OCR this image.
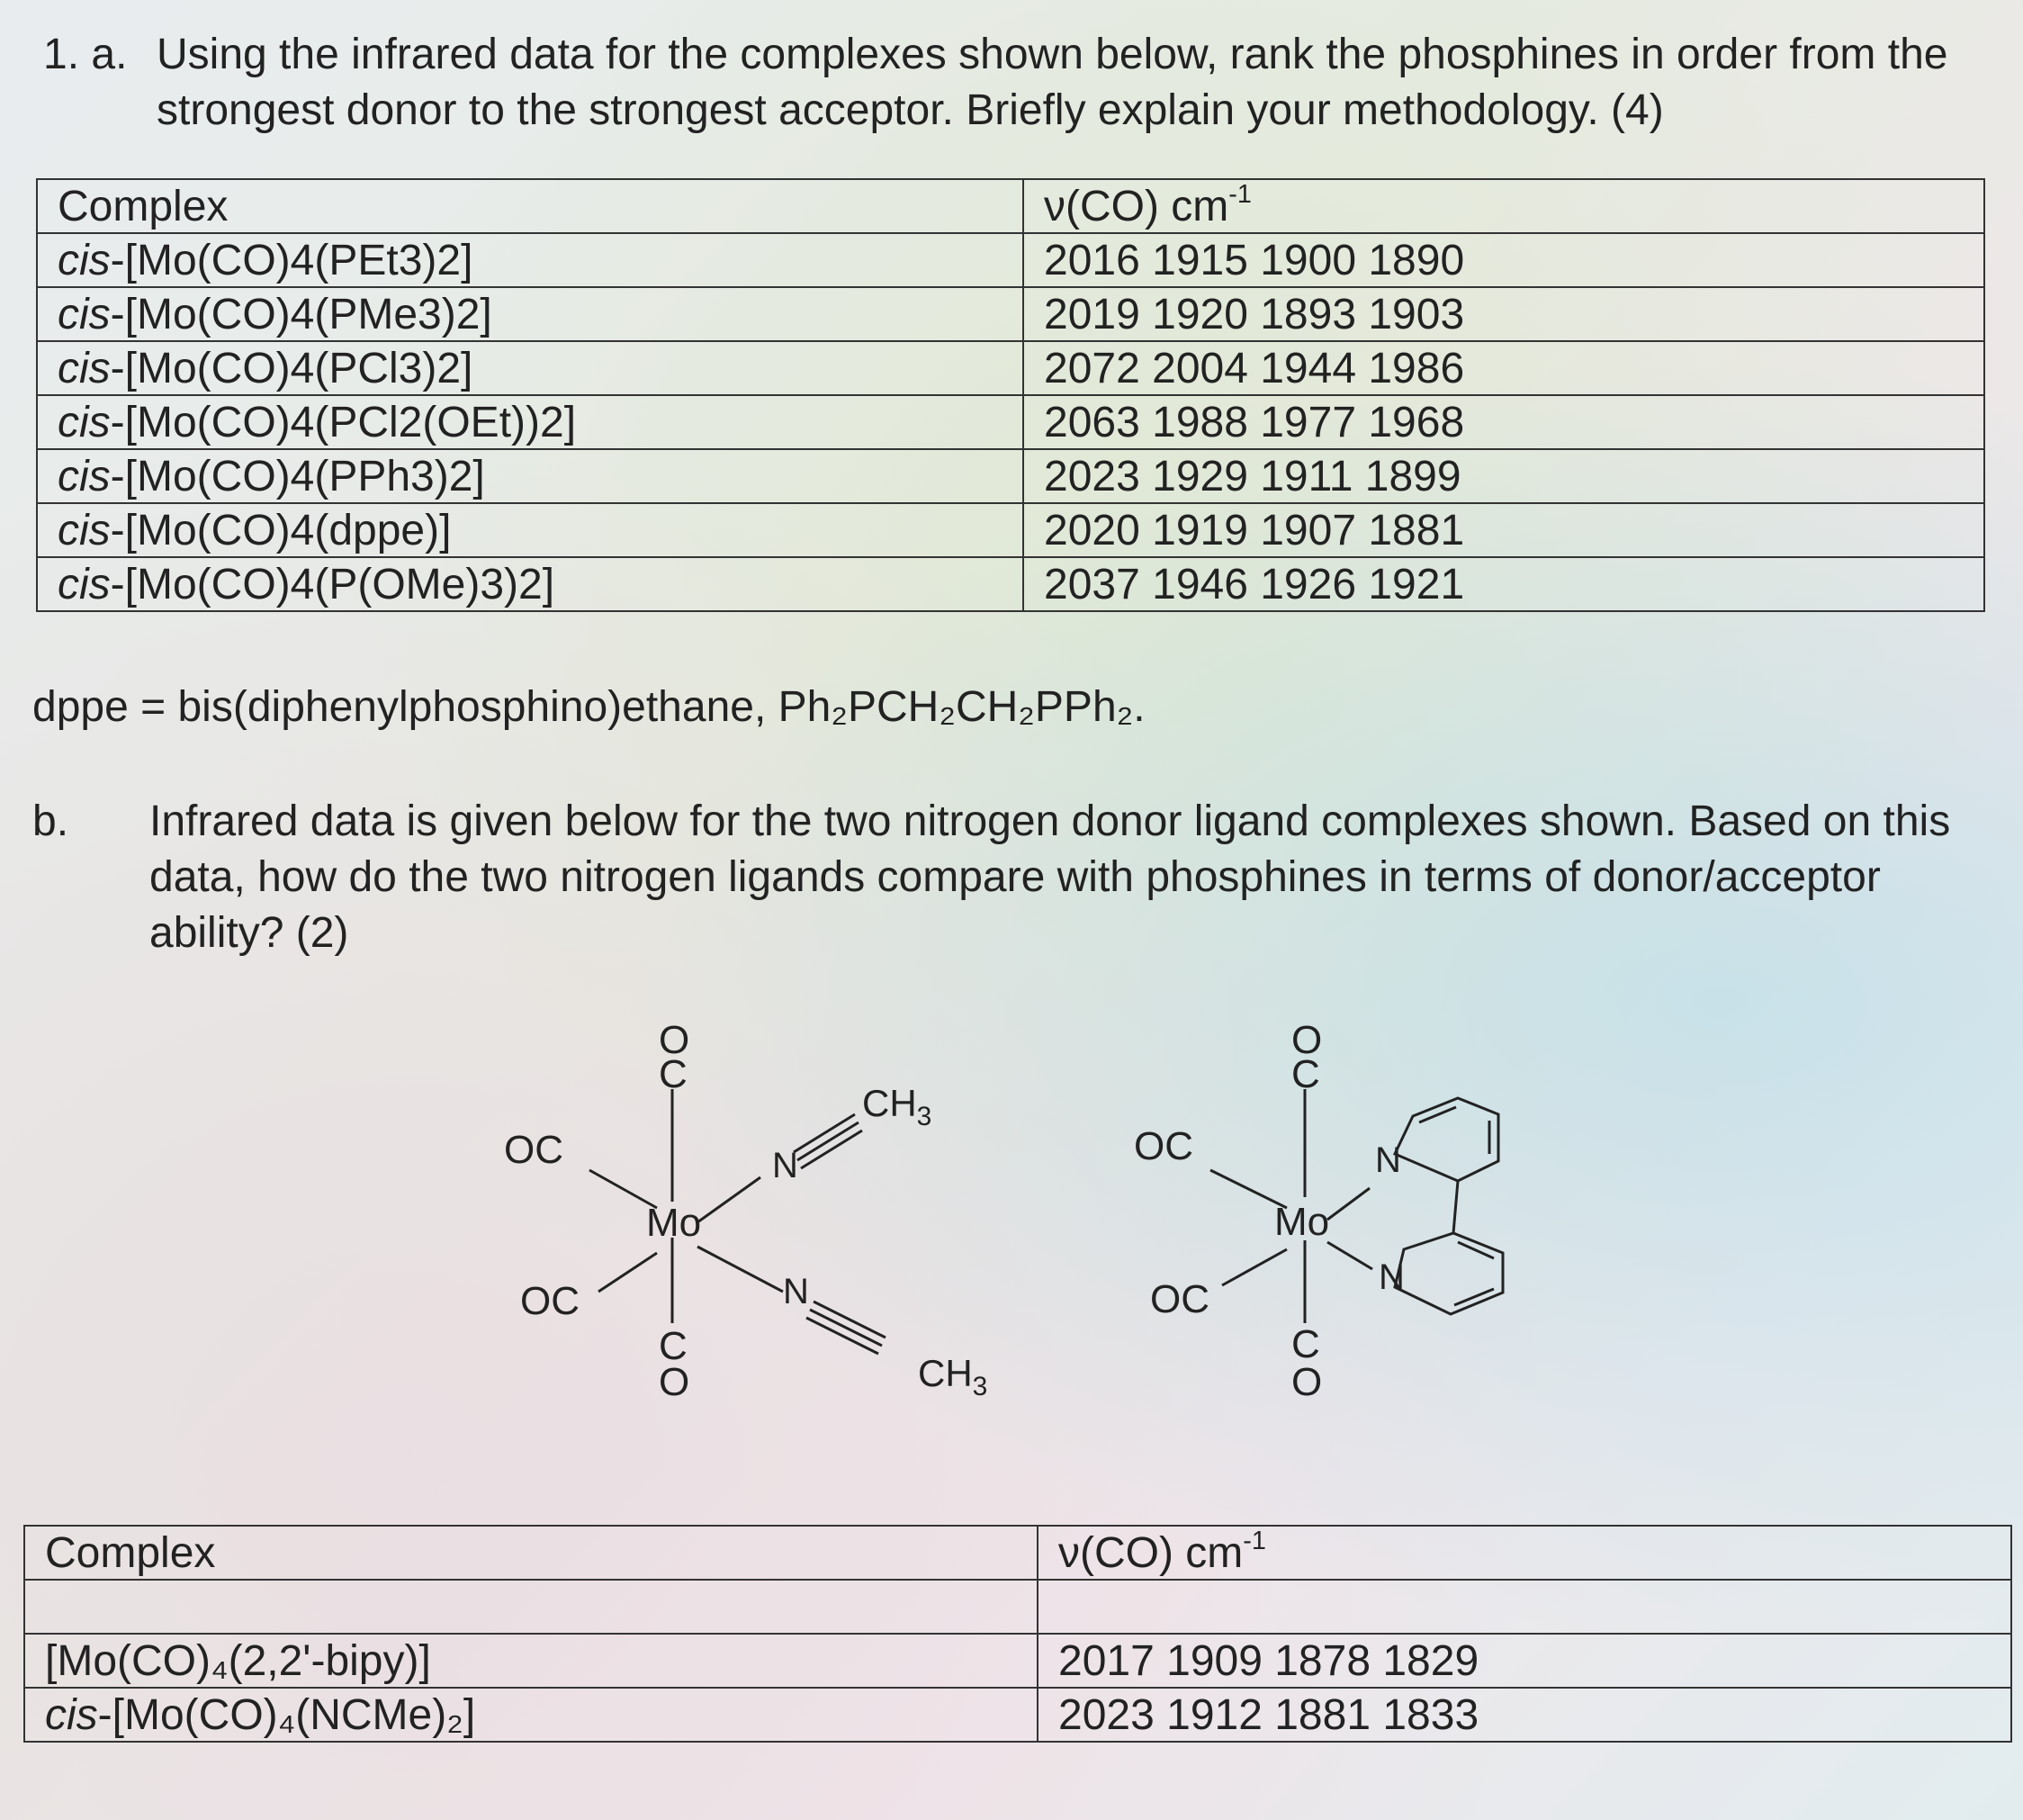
1. a. Using the infrared data for the complexes shown below, rank the phosphines in order from the strongest donor to the strongest acceptor. Briefly explain your methodology. (4)
Complex	ν(CO) $cm^{-1}$
cis-[Mo(CO)4(PEt3)2]	2016 1915 1900 1890
cis-[Mo(CO)4(PMe3)2]	2019 1920 1893 1903
cis-[Mo(CO)4(PCl3)2]	2072 2004 1944 1986
cis-[Mo(CO)4(PCl2(OEt))2]	2063 1988 1977 1968
cis-[Mo(CO)4(PPh3)2]	2023 1929 1911 1899
cis-[Mo(CO)4(dppe)]	2020 1919 1907 1881
cis-[Mo(CO)4(P(OMe)3)2]	2037 1946 1926 1921
dppe = bis(diphenylphosphino)ethane, Ph₂PCH₂CH₂PPh₂.
b. Infrared data is given below for the two nitrogen donor ligand complexes shown. Based on this data, how do the two nitrogen ligands compare with phosphines in terms of donor/acceptor ability? (2)
O
C
Mo
OC
OC
C
O
N
N
$CH_3$
$CH_3$
O
C
Mo
OC
OC
C
O
N
N
Complex	ν(CO) $cm^{-1}$

[Mo(CO)₄(2,2'-bipy)]	2017 1909 1878 1829
cis-[Mo(CO)₄(NCMe)₂]	2023 1912 1881 1833
